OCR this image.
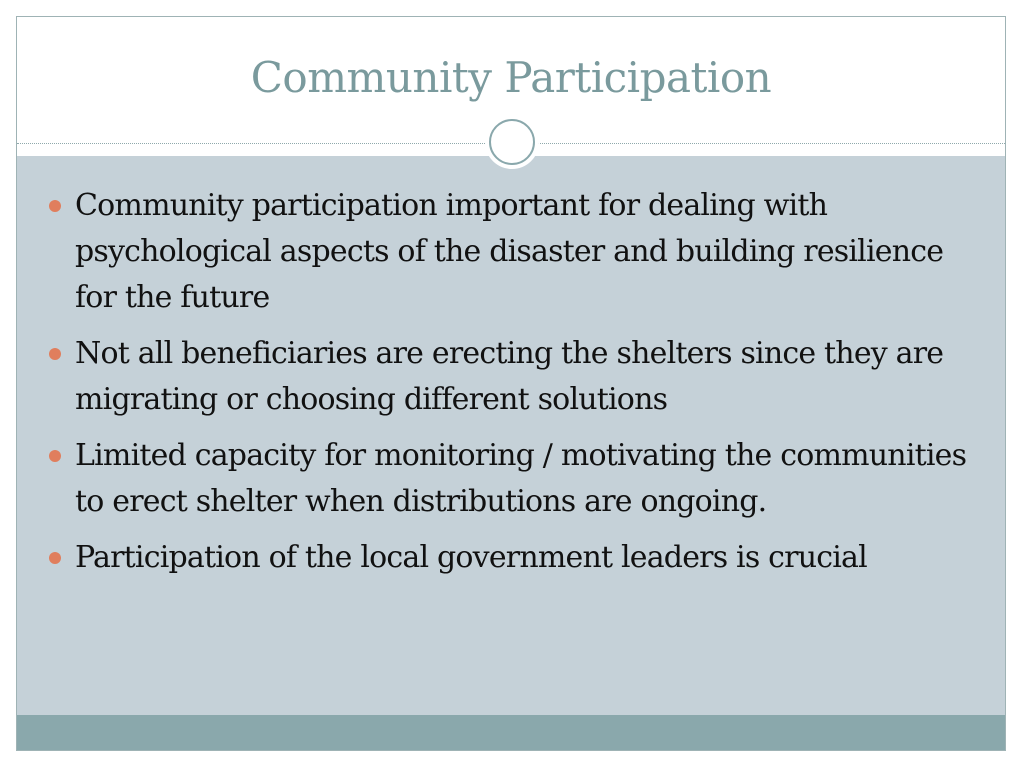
Community Participation
Community participation important for dealing with psychological aspects of the disaster and building resilience for the future
Not all beneficiaries are erecting the shelters since they are migrating or choosing different solutions
Limited capacity for monitoring / motivating the communities to erect shelter when distributions are ongoing.
Participation of the local government leaders is crucial
